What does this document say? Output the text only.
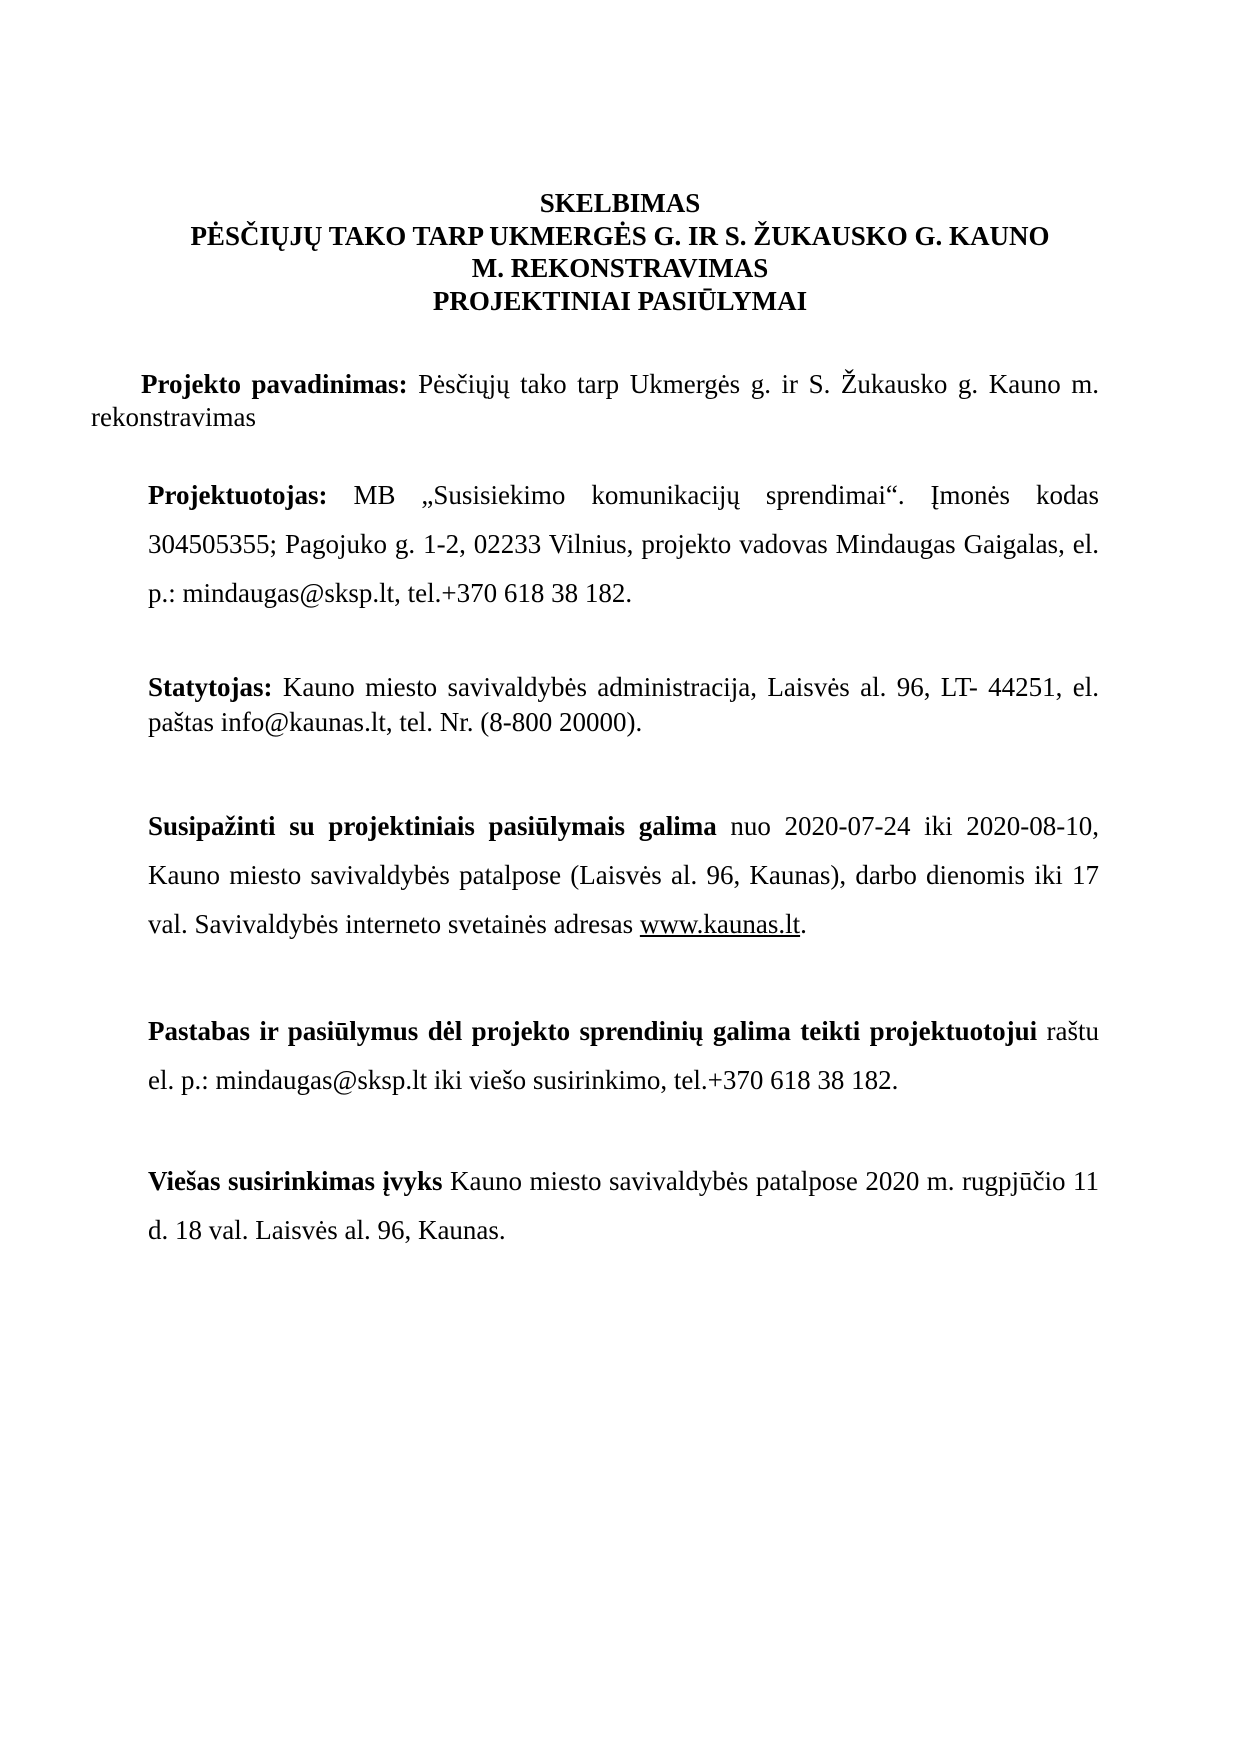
SKELBIMAS
PĖSČIŲJŲ TAKO TARP UKMERGĖS G. IR S. ŽUKAUSKO G. KAUNO
M. REKONSTRAVIMAS
PROJEKTINIAI PASIŪLYMAI
Projekto pavadinimas: Pėsčiųjų tako tarp Ukmergės g. ir S. Žukausko g. Kauno m. rekonstravimas
Projektuotojas: MB „Susisiekimo komunikacijų sprendimai“. Įmonės kodas 304505355; Pagojuko g. 1-2, 02233 Vilnius, projekto vadovas Mindaugas Gaigalas, el. p.: mindaugas@sksp.lt, tel.+370 618 38 182.
Statytojas: Kauno miesto savivaldybės administracija, Laisvės al. 96, LT- 44251, el. paštas info@kaunas.lt, tel. Nr. (8-800 20000).
Susipažinti su projektiniais pasiūlymais galima nuo 2020-07-24 iki 2020-08-10, Kauno miesto savivaldybės patalpose (Laisvės al. 96, Kaunas), darbo dienomis iki 17 val. Savivaldybės interneto svetainės adresas www.kaunas.lt.
Pastabas ir pasiūlymus dėl projekto sprendinių galima teikti projektuotojui raštu el. p.: mindaugas@sksp.lt iki viešo susirinkimo, tel.+370 618 38 182.
Viešas susirinkimas įvyks Kauno miesto savivaldybės patalpose 2020 m. rugpjūčio 11 d. 18 val. Laisvės al. 96, Kaunas.
